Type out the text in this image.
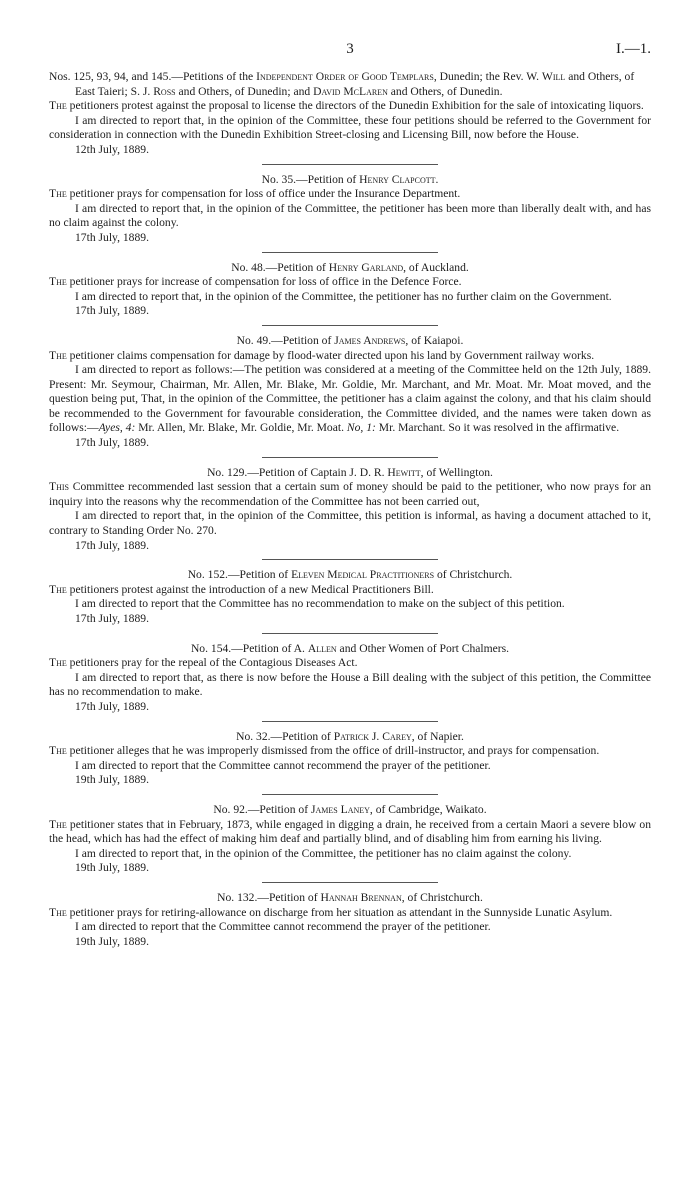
3	I.—1.

Nos. 125, 93, 94, and 145.—Petitions of the Independent Order of Good Templars, Dunedin; the Rev. W. Will and Others, of East Taieri; S. J. Ross and Others, of Dunedin; and David McLaren and Others, of Dunedin.

The petitioners protest against the proposal to license the directors of the Dunedin Exhibition for the sale of intoxicating liquors.

I am directed to report that, in the opinion of the Committee, these four petitions should be referred to the Government for consideration in connection with the Dunedin Exhibition Street-closing and Licensing Bill, now before the House.

12th July, 1889.

No. 35.—Petition of Henry Clapcott.

The petitioner prays for compensation for loss of office under the Insurance Department.

I am directed to report that, in the opinion of the Committee, the petitioner has been more than liberally dealt with, and has no claim against the colony.

17th July, 1889.

No. 48.—Petition of Henry Garland, of Auckland.

The petitioner prays for increase of compensation for loss of office in the Defence Force.

I am directed to report that, in the opinion of the Committee, the petitioner has no further claim on the Government.

17th July, 1889.

No. 49.—Petition of James Andrews, of Kaiapoi.

The petitioner claims compensation for damage by flood-water directed upon his land by Government railway works.

I am directed to report as follows:—The petition was considered at a meeting of the Committee held on the 12th July, 1889. Present: Mr. Seymour, Chairman, Mr. Allen, Mr. Blake, Mr. Goldie, Mr. Marchant, and Mr. Moat. Mr. Moat moved, and the question being put, That, in the opinion of the Committee, the petitioner has a claim against the colony, and that his claim should be recommended to the Government for favourable consideration, the Committee divided, and the names were taken down as follows:—Ayes, 4: Mr. Allen, Mr. Blake, Mr. Goldie, Mr. Moat. No, 1: Mr. Marchant. So it was resolved in the affirmative.

17th July, 1889.

No. 129.—Petition of Captain J. D. R. Hewitt, of Wellington.

This Committee recommended last session that a certain sum of money should be paid to the petitioner, who now prays for an inquiry into the reasons why the recommendation of the Committee has not been carried out,

I am directed to report that, in the opinion of the Committee, this petition is informal, as having a document attached to it, contrary to Standing Order No. 270.

17th July, 1889.

No. 152.—Petition of Eleven Medical Practitioners of Christchurch.

The petitioners protest against the introduction of a new Medical Practitioners Bill.

I am directed to report that the Committee has no recommendation to make on the subject of this petition.

17th July, 1889.

No. 154.—Petition of A. Allen and Other Women of Port Chalmers.

The petitioners pray for the repeal of the Contagious Diseases Act.

I am directed to report that, as there is now before the House a Bill dealing with the subject of this petition, the Committee has no recommendation to make.

17th July, 1889.

No. 32.—Petition of Patrick J. Carey, of Napier.

The petitioner alleges that he was improperly dismissed from the office of drill-instructor, and prays for compensation.

I am directed to report that the Committee cannot recommend the prayer of the petitioner.

19th July, 1889.

No. 92.—Petition of James Laney, of Cambridge, Waikato.

The petitioner states that in February, 1873, while engaged in digging a drain, he received from a certain Maori a severe blow on the head, which has had the effect of making him deaf and partially blind, and of disabling him from earning his living.

I am directed to report that, in the opinion of the Committee, the petitioner has no claim against the colony.

19th July, 1889.

No. 132.—Petition of Hannah Brennan, of Christchurch.

The petitioner prays for retiring-allowance on discharge from her situation as attendant in the Sunnyside Lunatic Asylum.

I am directed to report that the Committee cannot recommend the prayer of the petitioner.

19th July, 1889.
